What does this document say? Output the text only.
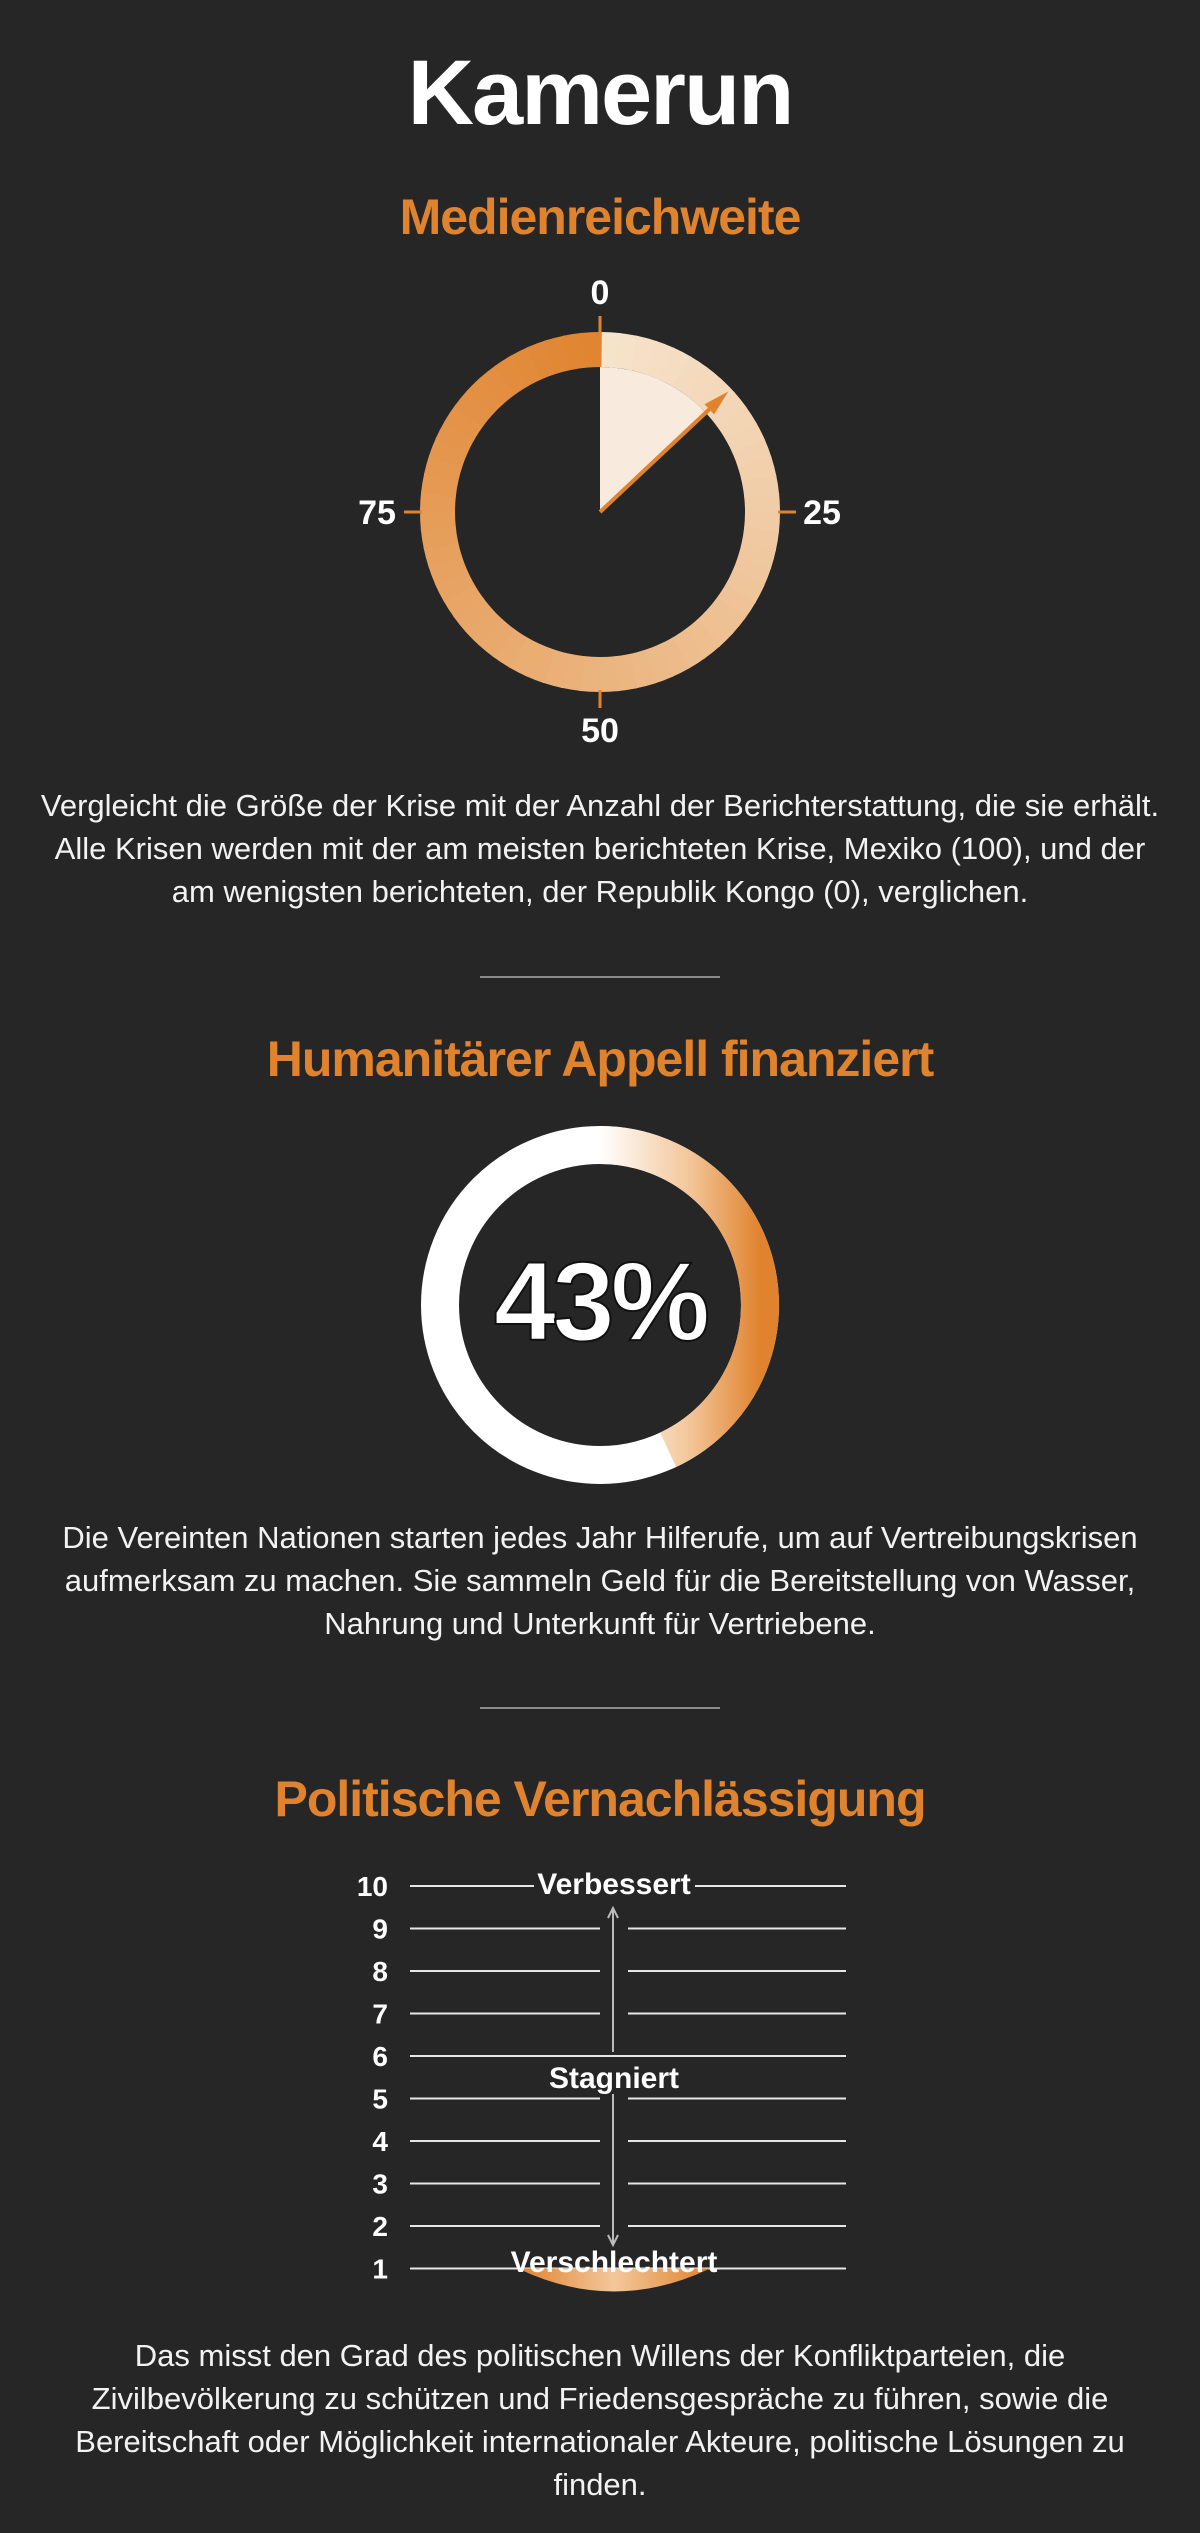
Kamerun
Medienreichweite
0
25
50
75
Vergleicht die Größe der Krise mit der Anzahl der Berichterstattung, die sie erhält. Alle Krisen werden mit der am meisten berichteten Krise, Mexiko (100), und der am wenigsten berichteten, der Republik Kongo (0), verglichen.
Humanitärer Appell finanziert
43%
Die Vereinten Nationen starten jedes Jahr Hilferufe, um auf Vertreibungskrisen aufmerksam zu machen. Sie sammeln Geld für die Bereitstellung von Wasser, Nahrung und Unterkunft für Vertriebene.
Politische Vernachlässigung
10
9
8
7
6
5
4
3
2
1
Verbessert
Stagniert
Verschlechtert
Das misst den Grad des politischen Willens der Konfliktparteien, die Zivilbevölkerung zu schützen und Friedensgespräche zu führen, sowie die Bereitschaft oder Möglichkeit internationaler Akteure, politische Lösungen zu finden.
